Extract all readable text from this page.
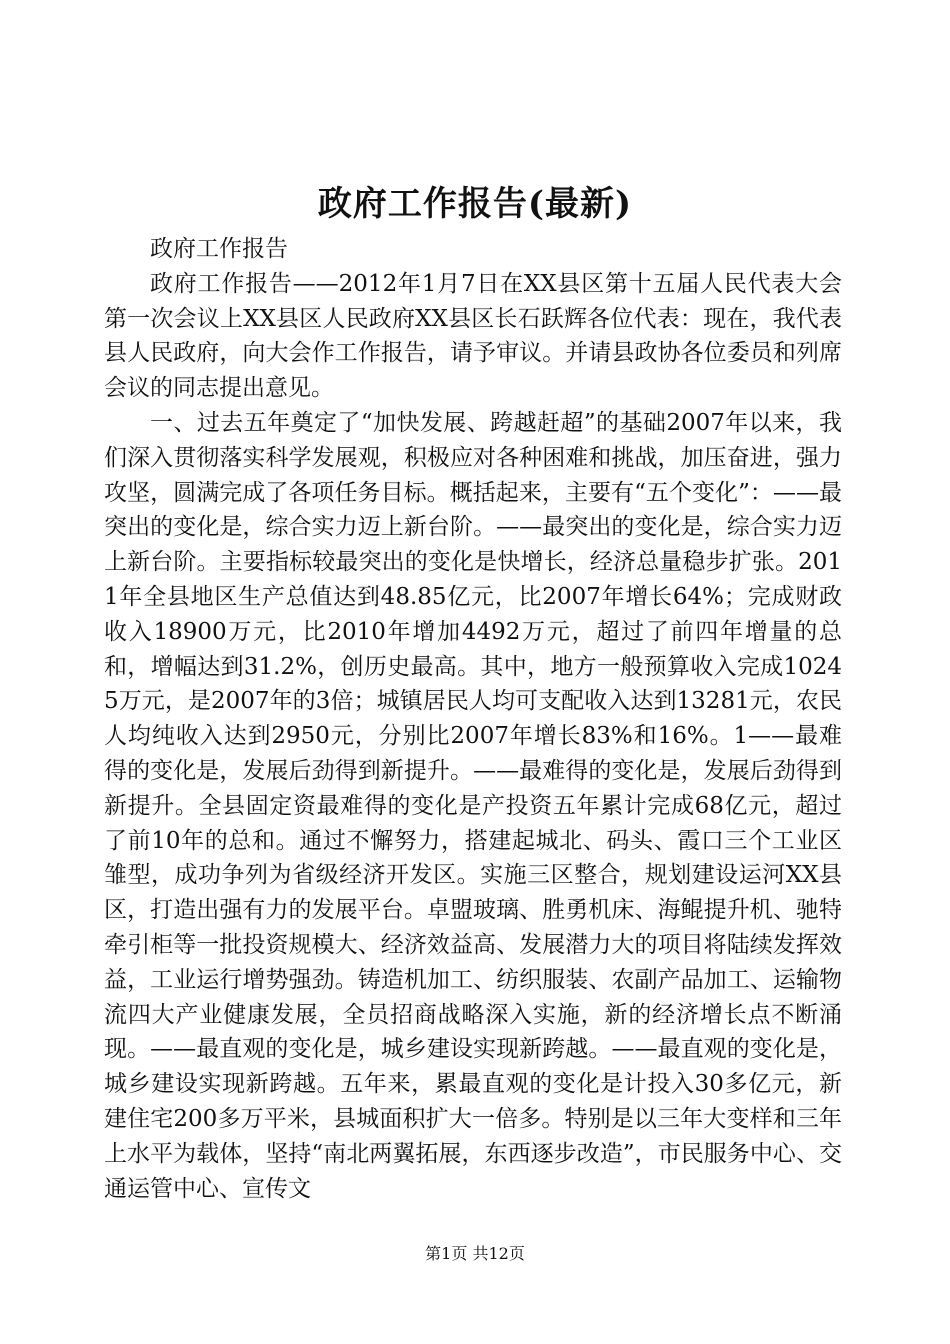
政府工作报告(最新)

政府工作报告

政府工作报告——2012年1月7日在XX县区第十五届人民代表大会第一次会议上XX县区人民政府XX县区长石跃辉各位代表：现在，我代表县人民政府，向大会作工作报告，请予审议。并请县政协各位委员和列席会议的同志提出意见。

一、过去五年奠定了“加快发展、跨越赶超”的基础2007年以来，我们深入贯彻落实科学发展观，积极应对各种困难和挑战，加压奋进，强力攻坚，圆满完成了各项任务目标。概括起来，主要有“五个变化”：——最突出的变化是，综合实力迈上新台阶。——最突出的变化是，综合实力迈上新台阶。主要指标较最突出的变化是快增长，经济总量稳步扩张。2011年全县地区生产总值达到48.85亿元，比2007年增长64%；完成财政收入18900万元，比2010年增加4492万元，超过了前四年增量的总和，增幅达到31.2%，创历史最高。其中，地方一般预算收入完成10245万元，是2007年的3倍；城镇居民人均可支配收入达到13281元，农民人均纯收入达到2950元，分别比2007年增长83%和16%。1——最难得的变化是，发展后劲得到新提升。——最难得的变化是，发展后劲得到新提升。全县固定资最难得的变化是产投资五年累计完成68亿元，超过了前10年的总和。通过不懈努力，搭建起城北、码头、霞口三个工业区雏型，成功争列为省级经济开发区。实施三区整合，规划建设运河XX县区，打造出强有力的发展平台。卓盟玻璃、胜勇机床、海鲲提升机、驰特牵引柜等一批投资规模大、经济效益高、发展潜力大的项目将陆续发挥效益，工业运行增势强劲。铸造机加工、纺织服装、农副产品加工、运输物流四大产业健康发展，全员招商战略深入实施，新的经济增长点不断涌现。——最直观的变化是，城乡建设实现新跨越。——最直观的变化是，城乡建设实现新跨越。五年来，累最直观的变化是计投入30多亿元，新建住宅200多万平米，县城面积扩大一倍多。特别是以三年大变样和三年上水平为载体，坚持“南北两翼拓展，东西逐步改造”，市民服务中心、交通运管中心、宣传文

第1页 共12页
